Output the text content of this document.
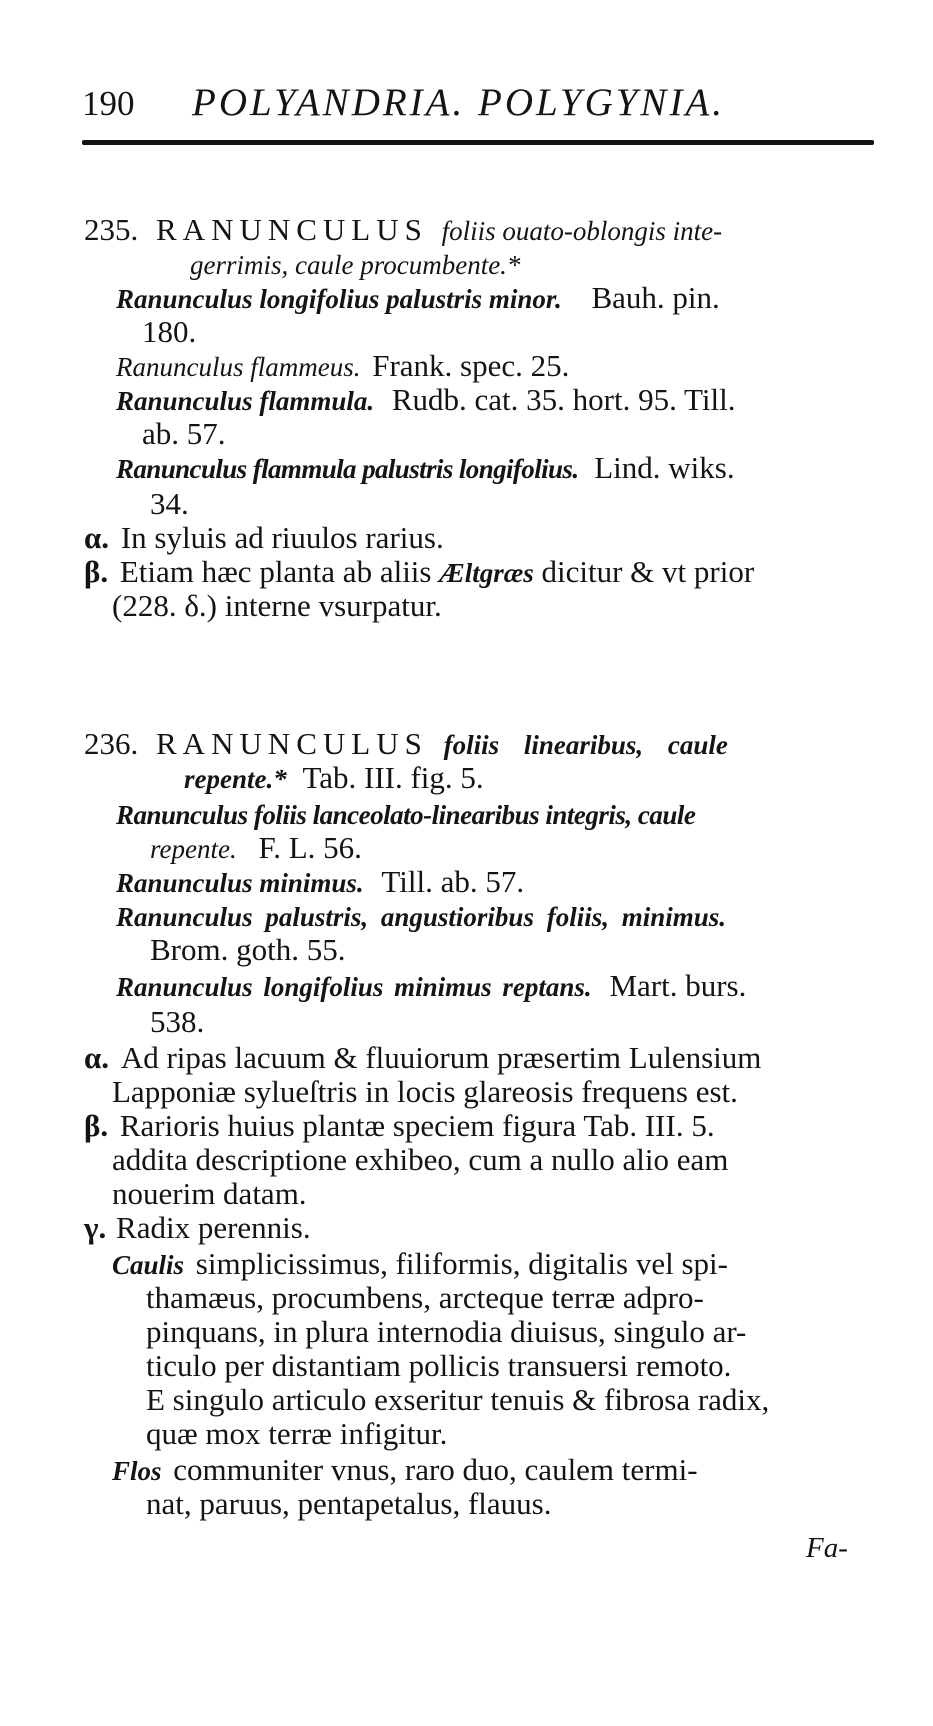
190 POLYANDRIA. POLYGYNIA.
235. RANUNCULUS foliis ouato-oblongis inte-
gerrimis, caule procumbente.*
Ranunculus longifolius palustris minor. Bauh. pin.
180.
Ranunculus flammeus. Frank. spec. 25.
Ranunculus flammula. Rudb. cat. 35. hort. 95. Till.
ab. 57.
Ranunculus flammula palustris longifolius. Lind. wiks.
34.
α. In syluis ad riuulos rarius.
β. Etiam hæc planta ab aliis Æltgræs dicitur & vt prior
(228. δ.) interne vsurpatur.
236. RANUNCULUS foliis linearibus, caule
repente.* Tab. III. fig. 5.
Ranunculus foliis lanceolato-linearibus integris, caule
repente. F. L. 56.
Ranunculus minimus. Till. ab. 57.
Ranunculus palustris, angustioribus foliis, minimus.
Brom. goth. 55.
Ranunculus longifolius minimus reptans. Mart. burs.
538.
α. Ad ripas lacuum & fluuiorum præsertim Lulensium
Lapponiæ sylueſtris in locis glareosis frequens est.
β. Rarioris huius plantæ speciem figura Tab. III. 5.
addita descriptione exhibeo, cum a nullo alio eam
nouerim datam.
γ. Radix perennis.
Caulis simplicissimus, filiformis, digitalis vel spi-
thamæus, procumbens, arcteque terræ adpro-
pinquans, in plura internodia diuisus, singulo ar-
ticulo per distantiam pollicis transuersi remoto.
E singulo articulo exseritur tenuis & fibrosa radix,
quæ mox terræ infigitur.
Flos communiter vnus, raro duo, caulem termi-
nat, paruus, pentapetalus, flauus.
Fa-
